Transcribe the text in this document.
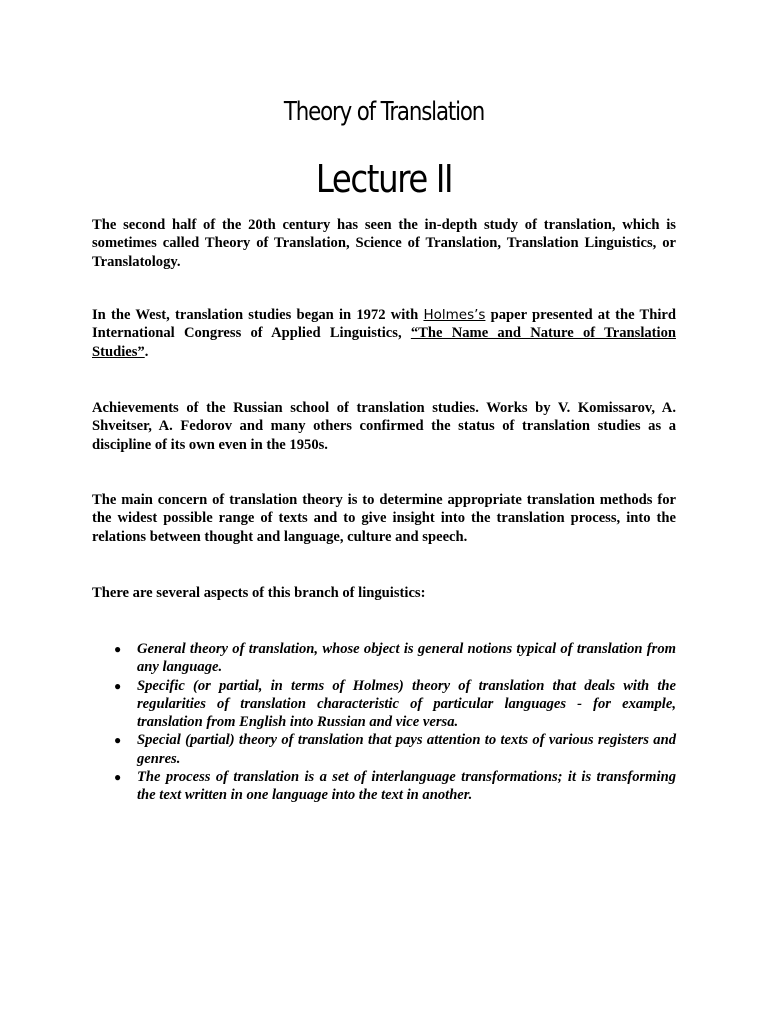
Theory of Translation
Lecture II

The second half of the 20th century has seen the in-depth study of translation, which is sometimes called Theory of Translation, Science of Translation, Translation Linguistics, or Translatology.

In the West, translation studies began in 1972 with Holmes’s paper presented at the Third International Congress of Applied Linguistics, “The Name and Nature of Translation Studies”.

Achievements of the Russian school of translation studies. Works by V. Komissarov, A. Shveitser, A. Fedorov and many others confirmed the status of translation studies as a discipline of its own even in the 1950s.

The main concern of translation theory is to determine appropriate translation methods for the widest possible range of texts and to give insight into the translation process, into the relations between thought and language, culture and speech.

There are several aspects of this branch of linguistics:

● General theory of translation, whose object is general notions typical of translation from any language.
● Specific (or partial, in terms of Holmes) theory of translation that deals with the regularities of translation characteristic of particular languages - for example, translation from English into Russian and vice versa.
● Special (partial) theory of translation that pays attention to texts of various registers and genres.
● The process of translation is a set of interlanguage transformations; it is transforming the text written in one language into the text in another.
